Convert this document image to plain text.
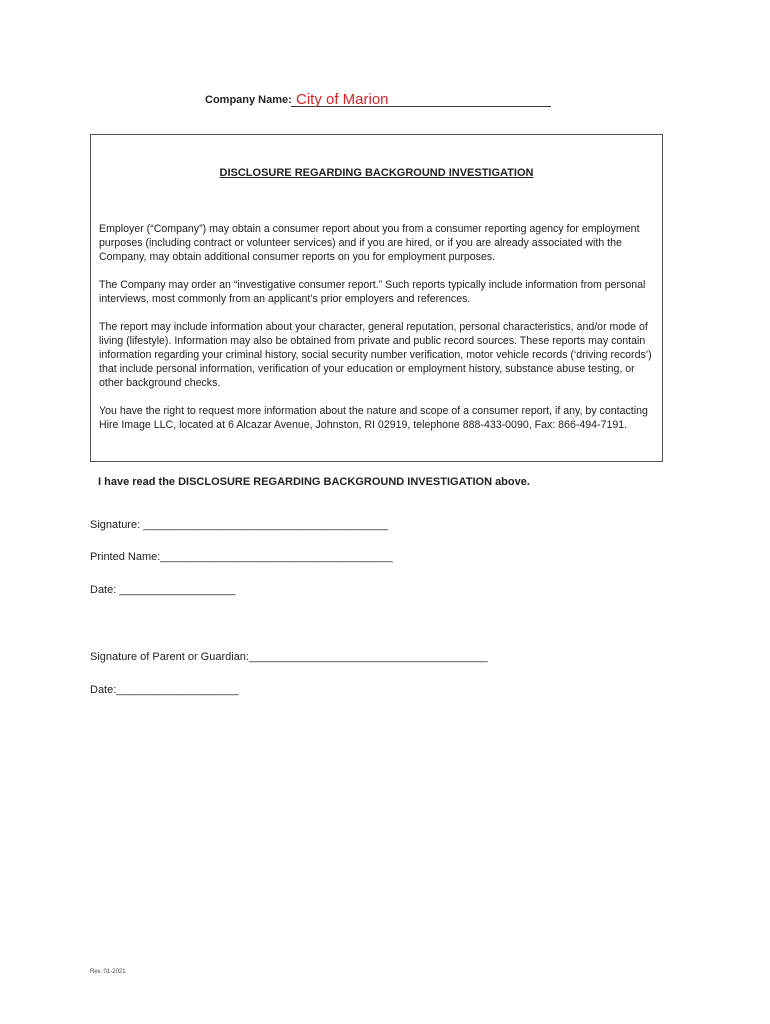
Company Name: City of Marion
DISCLOSURE REGARDING BACKGROUND INVESTIGATION

Employer (“Company”) may obtain a consumer report about you from a consumer reporting agency for employment purposes (including contract or volunteer services) and if you are hired, or if you are already associated with the Company, may obtain additional consumer reports on you for employment purposes.

The Company may order an “investigative consumer report.” Such reports typically include information from personal interviews, most commonly from an applicant’s prior employers and references.

The report may include information about your character, general reputation, personal characteristics, and/or mode of living (lifestyle). Information may also be obtained from private and public record sources. These reports may contain information regarding your criminal history, social security number verification, motor vehicle records (‘driving records’) that include personal information, verification of your education or employment history, substance abuse testing, or other background checks.

You have the right to request more information about the nature and scope of a consumer report, if any, by contacting Hire Image LLC, located at 6 Alcazar Avenue, Johnston, RI 02919, telephone 888-433-0090, Fax: 866-494-7191.

I have read the DISCLOSURE REGARDING BACKGROUND INVESTIGATION above.
Signature: ________________________________________
Printed Name:______________________________________
Date: ___________________
Signature of Parent or Guardian:_______________________________________
Date:____________________
Rev. 01-2021
